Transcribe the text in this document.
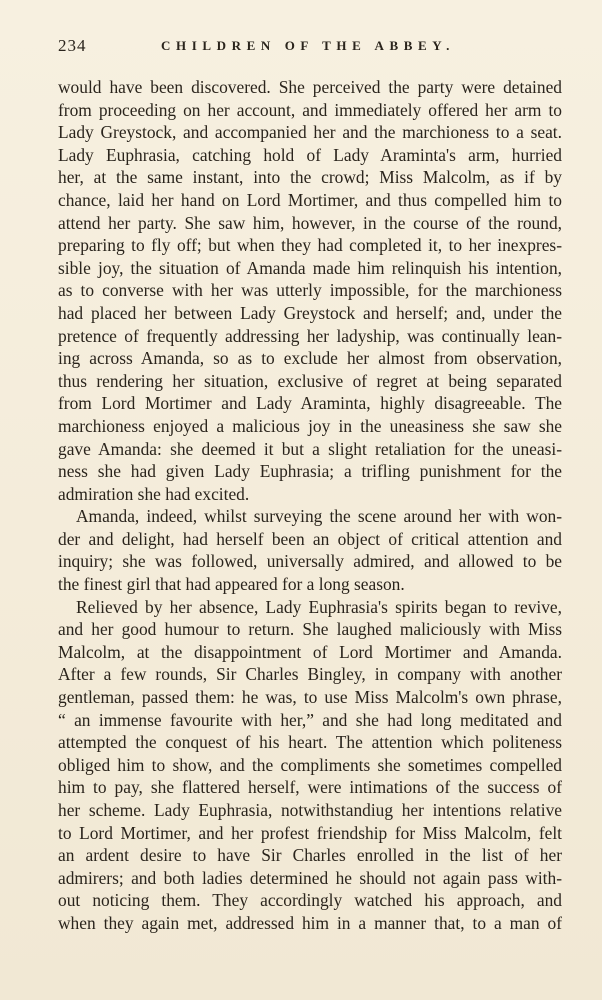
234	CHILDREN OF THE ABBEY.
would have been discovered. She perceived the party were detained
from proceeding on her account, and immediately offered her arm to
Lady Greystock, and accompanied her and the marchioness to a seat.
Lady Euphrasia, catching hold of Lady Araminta's arm, hurried
her, at the same instant, into the crowd; Miss Malcolm, as if by
chance, laid her hand on Lord Mortimer, and thus compelled him to
attend her party. She saw him, however, in the course of the round,
preparing to fly off; but when they had completed it, to her inexpres-
sible joy, the situation of Amanda made him relinquish his intention,
as to converse with her was utterly impossible, for the marchioness
had placed her between Lady Greystock and herself; and, under the
pretence of frequently addressing her ladyship, was continually lean-
ing across Amanda, so as to exclude her almost from observation,
thus rendering her situation, exclusive of regret at being separated
from Lord Mortimer and Lady Araminta, highly disagreeable. The
marchioness enjoyed a malicious joy in the uneasiness she saw she
gave Amanda: she deemed it but a slight retaliation for the uneasi-
ness she had given Lady Euphrasia; a trifling punishment for the
admiration she had excited.
Amanda, indeed, whilst surveying the scene around her with won-
der and delight, had herself been an object of critical attention and
inquiry; she was followed, universally admired, and allowed to be
the finest girl that had appeared for a long season.
Relieved by her absence, Lady Euphrasia's spirits began to revive,
and her good humour to return. She laughed maliciously with Miss
Malcolm, at the disappointment of Lord Mortimer and Amanda.
After a few rounds, Sir Charles Bingley, in company with another
gentleman, passed them: he was, to use Miss Malcolm's own phrase,
“ an immense favourite with her,” and she had long meditated and
attempted the conquest of his heart. The attention which politeness
obliged him to show, and the compliments she sometimes compelled
him to pay, she flattered herself, were intimations of the success of
her scheme. Lady Euphrasia, notwithstandiug her intentions relative
to Lord Mortimer, and her profest friendship for Miss Malcolm, felt
an ardent desire to have Sir Charles enrolled in the list of her
admirers; and both ladies determined he should not again pass with-
out noticing them. They accordingly watched his approach, and
when they again met, addressed him in a manner that, to a man of
